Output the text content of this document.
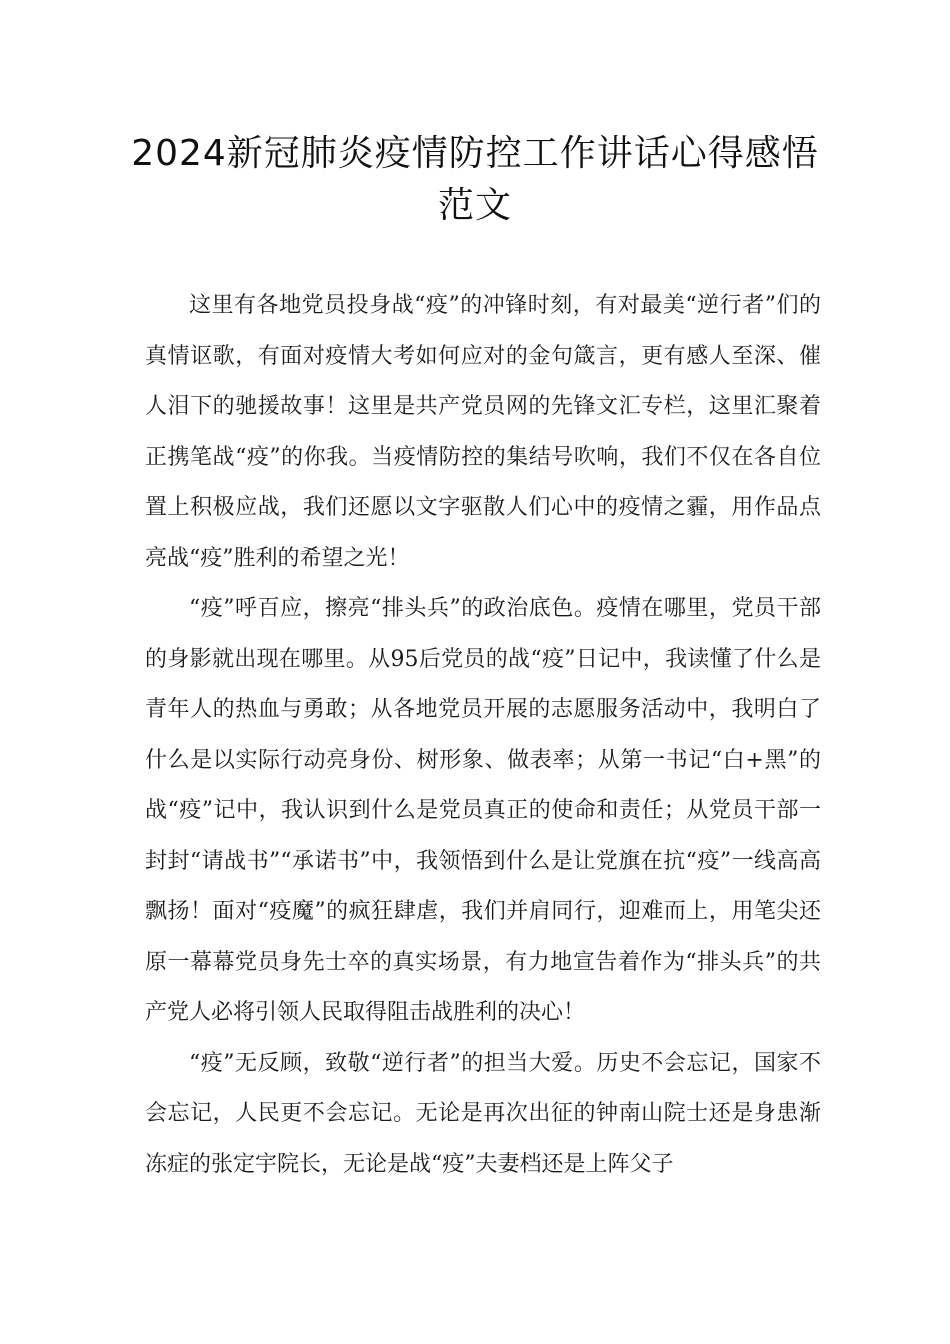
2024新冠肺炎疫情防控工作讲话心得感悟范文

这里有各地党员投身战“疫”的冲锋时刻，有对最美“逆行者”们的真情讴歌，有面对疫情大考如何应对的金句箴言，更有感人至深、催人泪下的驰援故事！这里是共产党员网的先锋文汇专栏，这里汇聚着正携笔战“疫”的你我。当疫情防控的集结号吹响，我们不仅在各自位置上积极应战，我们还愿以文字驱散人们心中的疫情之霾，用作品点亮战“疫”胜利的希望之光！

“疫”呼百应，擦亮“排头兵”的政治底色。疫情在哪里，党员干部的身影就出现在哪里。从95后党员的战“疫”日记中，我读懂了什么是青年人的热血与勇敢；从各地党员开展的志愿服务活动中，我明白了什么是以实际行动亮身份、树形象、做表率；从第一书记“白+黑”的战“疫”记中，我认识到什么是党员真正的使命和责任；从党员干部一封封“请战书”“承诺书”中，我领悟到什么是让党旗在抗“疫”一线高高飘扬！面对“疫魔”的疯狂肆虐，我们并肩同行，迎难而上，用笔尖还原一幕幕党员身先士卒的真实场景，有力地宣告着作为“排头兵”的共产党人必将引领人民取得阻击战胜利的决心！

“疫”无反顾，致敬“逆行者”的担当大爱。历史不会忘记，国家不会忘记，人民更不会忘记。无论是再次出征的钟南山院士还是身患渐冻症的张定宇院长，无论是战“疫”夫妻档还是上阵父子
